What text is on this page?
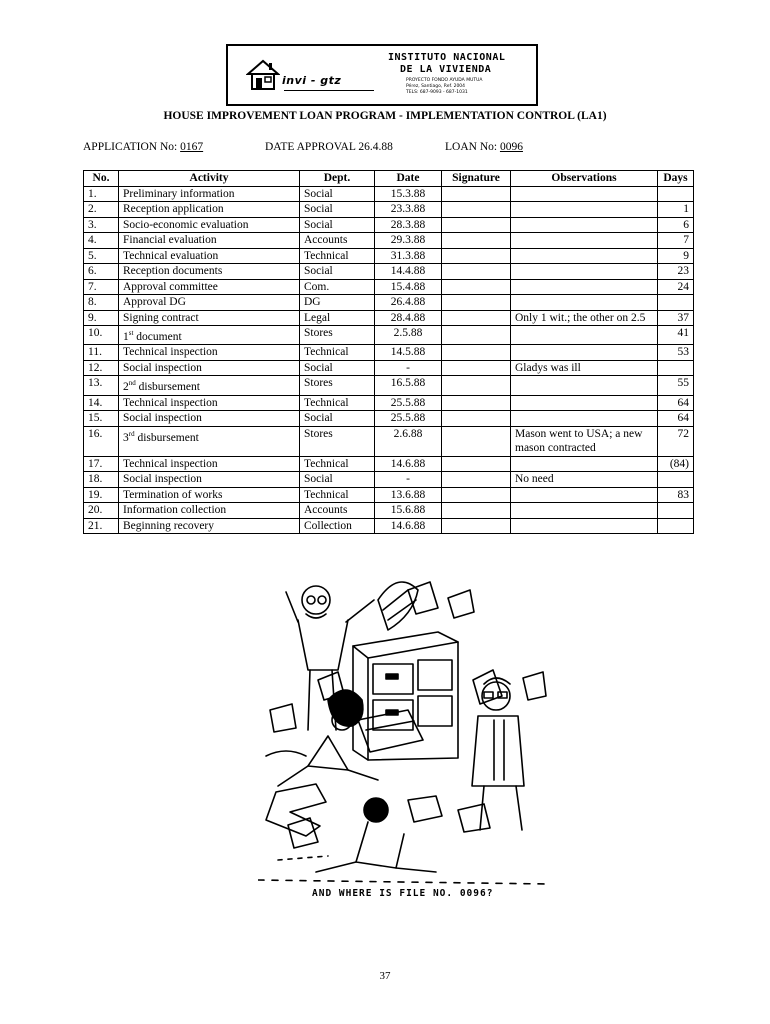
invi - gtz
INSTITUTO NACIONAL
DE LA VIVIENDA
PROYECTO FONDO AYUDA MUTUA
Pérez, Santiago, Ref. 2004
TELS: 687-9093 - 687-1031
HOUSE IMPROVEMENT LOAN PROGRAM - IMPLEMENTATION CONTROL (LA1)
APPLICATION No: 0167	DATE APPROVAL 26.4.88	LOAN No: 0096
No.	Activity	Dept.	Date	Signature	Observations	Days
1.	Preliminary information	Social	15.3.88			
2.	Reception application	Social	23.3.88			1
3.	Socio-economic evaluation	Social	28.3.88			6
4.	Financial evaluation	Accounts	29.3.88			7
5.	Technical evaluation	Technical	31.3.88			9
6.	Reception documents	Social	14.4.88			23
7.	Approval committee	Com.	15.4.88			24
8.	Approval DG	DG	26.4.88			
9.	Signing contract	Legal	28.4.88		Only 1 wit.; the other on 2.5	37
10.	1st document	Stores	2.5.88			41
11.	Technical inspection	Technical	14.5.88			53
12.	Social inspection	Social	-		Gladys was ill	
13.	2nd disbursement	Stores	16.5.88			55
14.	Technical inspection	Technical	25.5.88			64
15.	Social inspection	Social	25.5.88			64
16.	3rd disbursement	Stores	2.6.88		Mason went to USA; a new mason contracted	72
17.	Technical inspection	Technical	14.6.88			(84)
18.	Social inspection	Social	-		No need	
19.	Termination of works	Technical	13.6.88			83
20.	Information collection	Accounts	15.6.88			
21.	Beginning recovery	Collection	14.6.88			
AND WHERE IS FILE NO. 0096?
37
